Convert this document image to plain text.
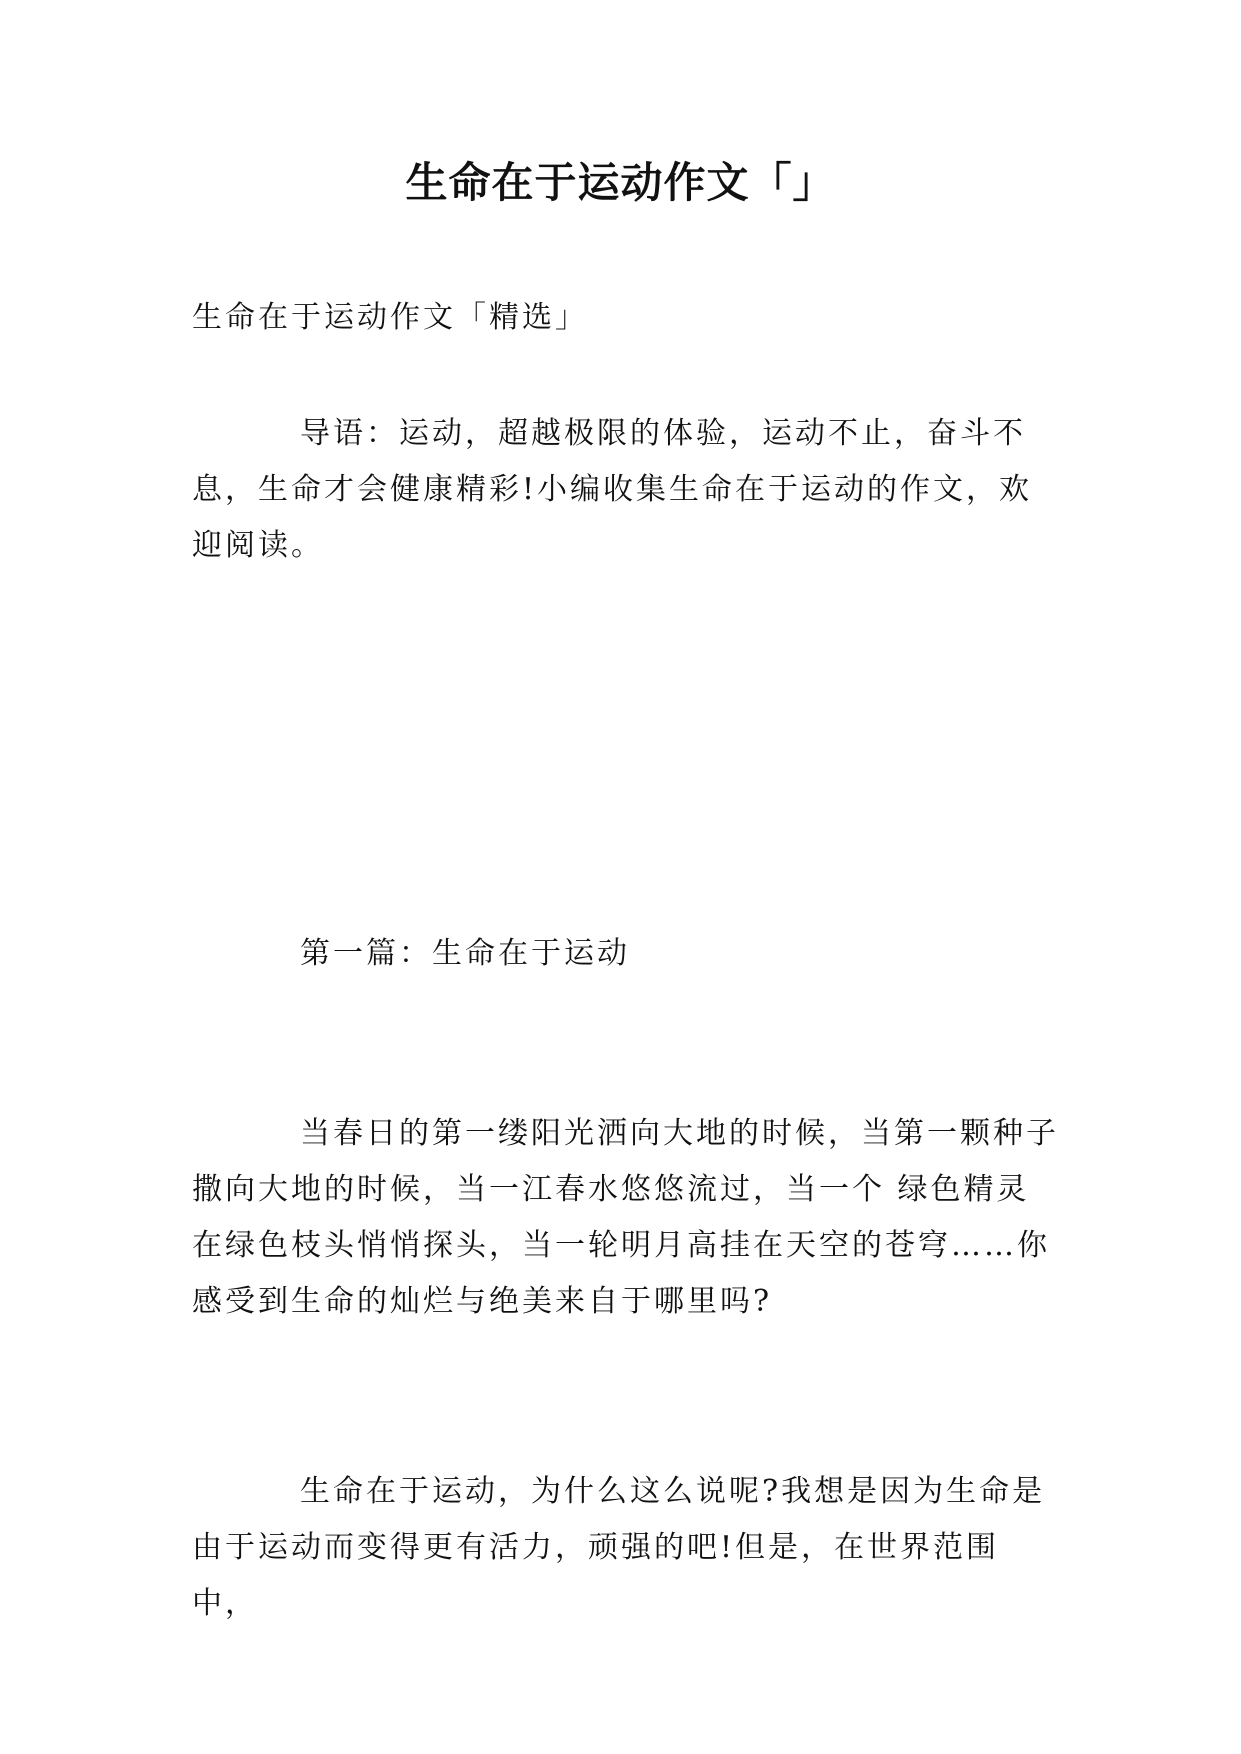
生命在于运动作文「」

生命在于运动作文「精选」

导语：运动，超越极限的体验，运动不止，奋斗不息，生命才会健康精彩!小编收集生命在于运动的作文，欢迎阅读。

第一篇：生命在于运动

当春日的第一缕阳光洒向大地的时候，当第一颗种子撒向大地的时候，当一江春水悠悠流过，当一个 绿色精灵在绿色枝头悄悄探头，当一轮明月高挂在天空的苍穹……你感受到生命的灿烂与绝美来自于哪里吗?

生命在于运动，为什么这么说呢?我想是因为生命是由于运动而变得更有活力，顽强的吧!但是，在世界范围中，
